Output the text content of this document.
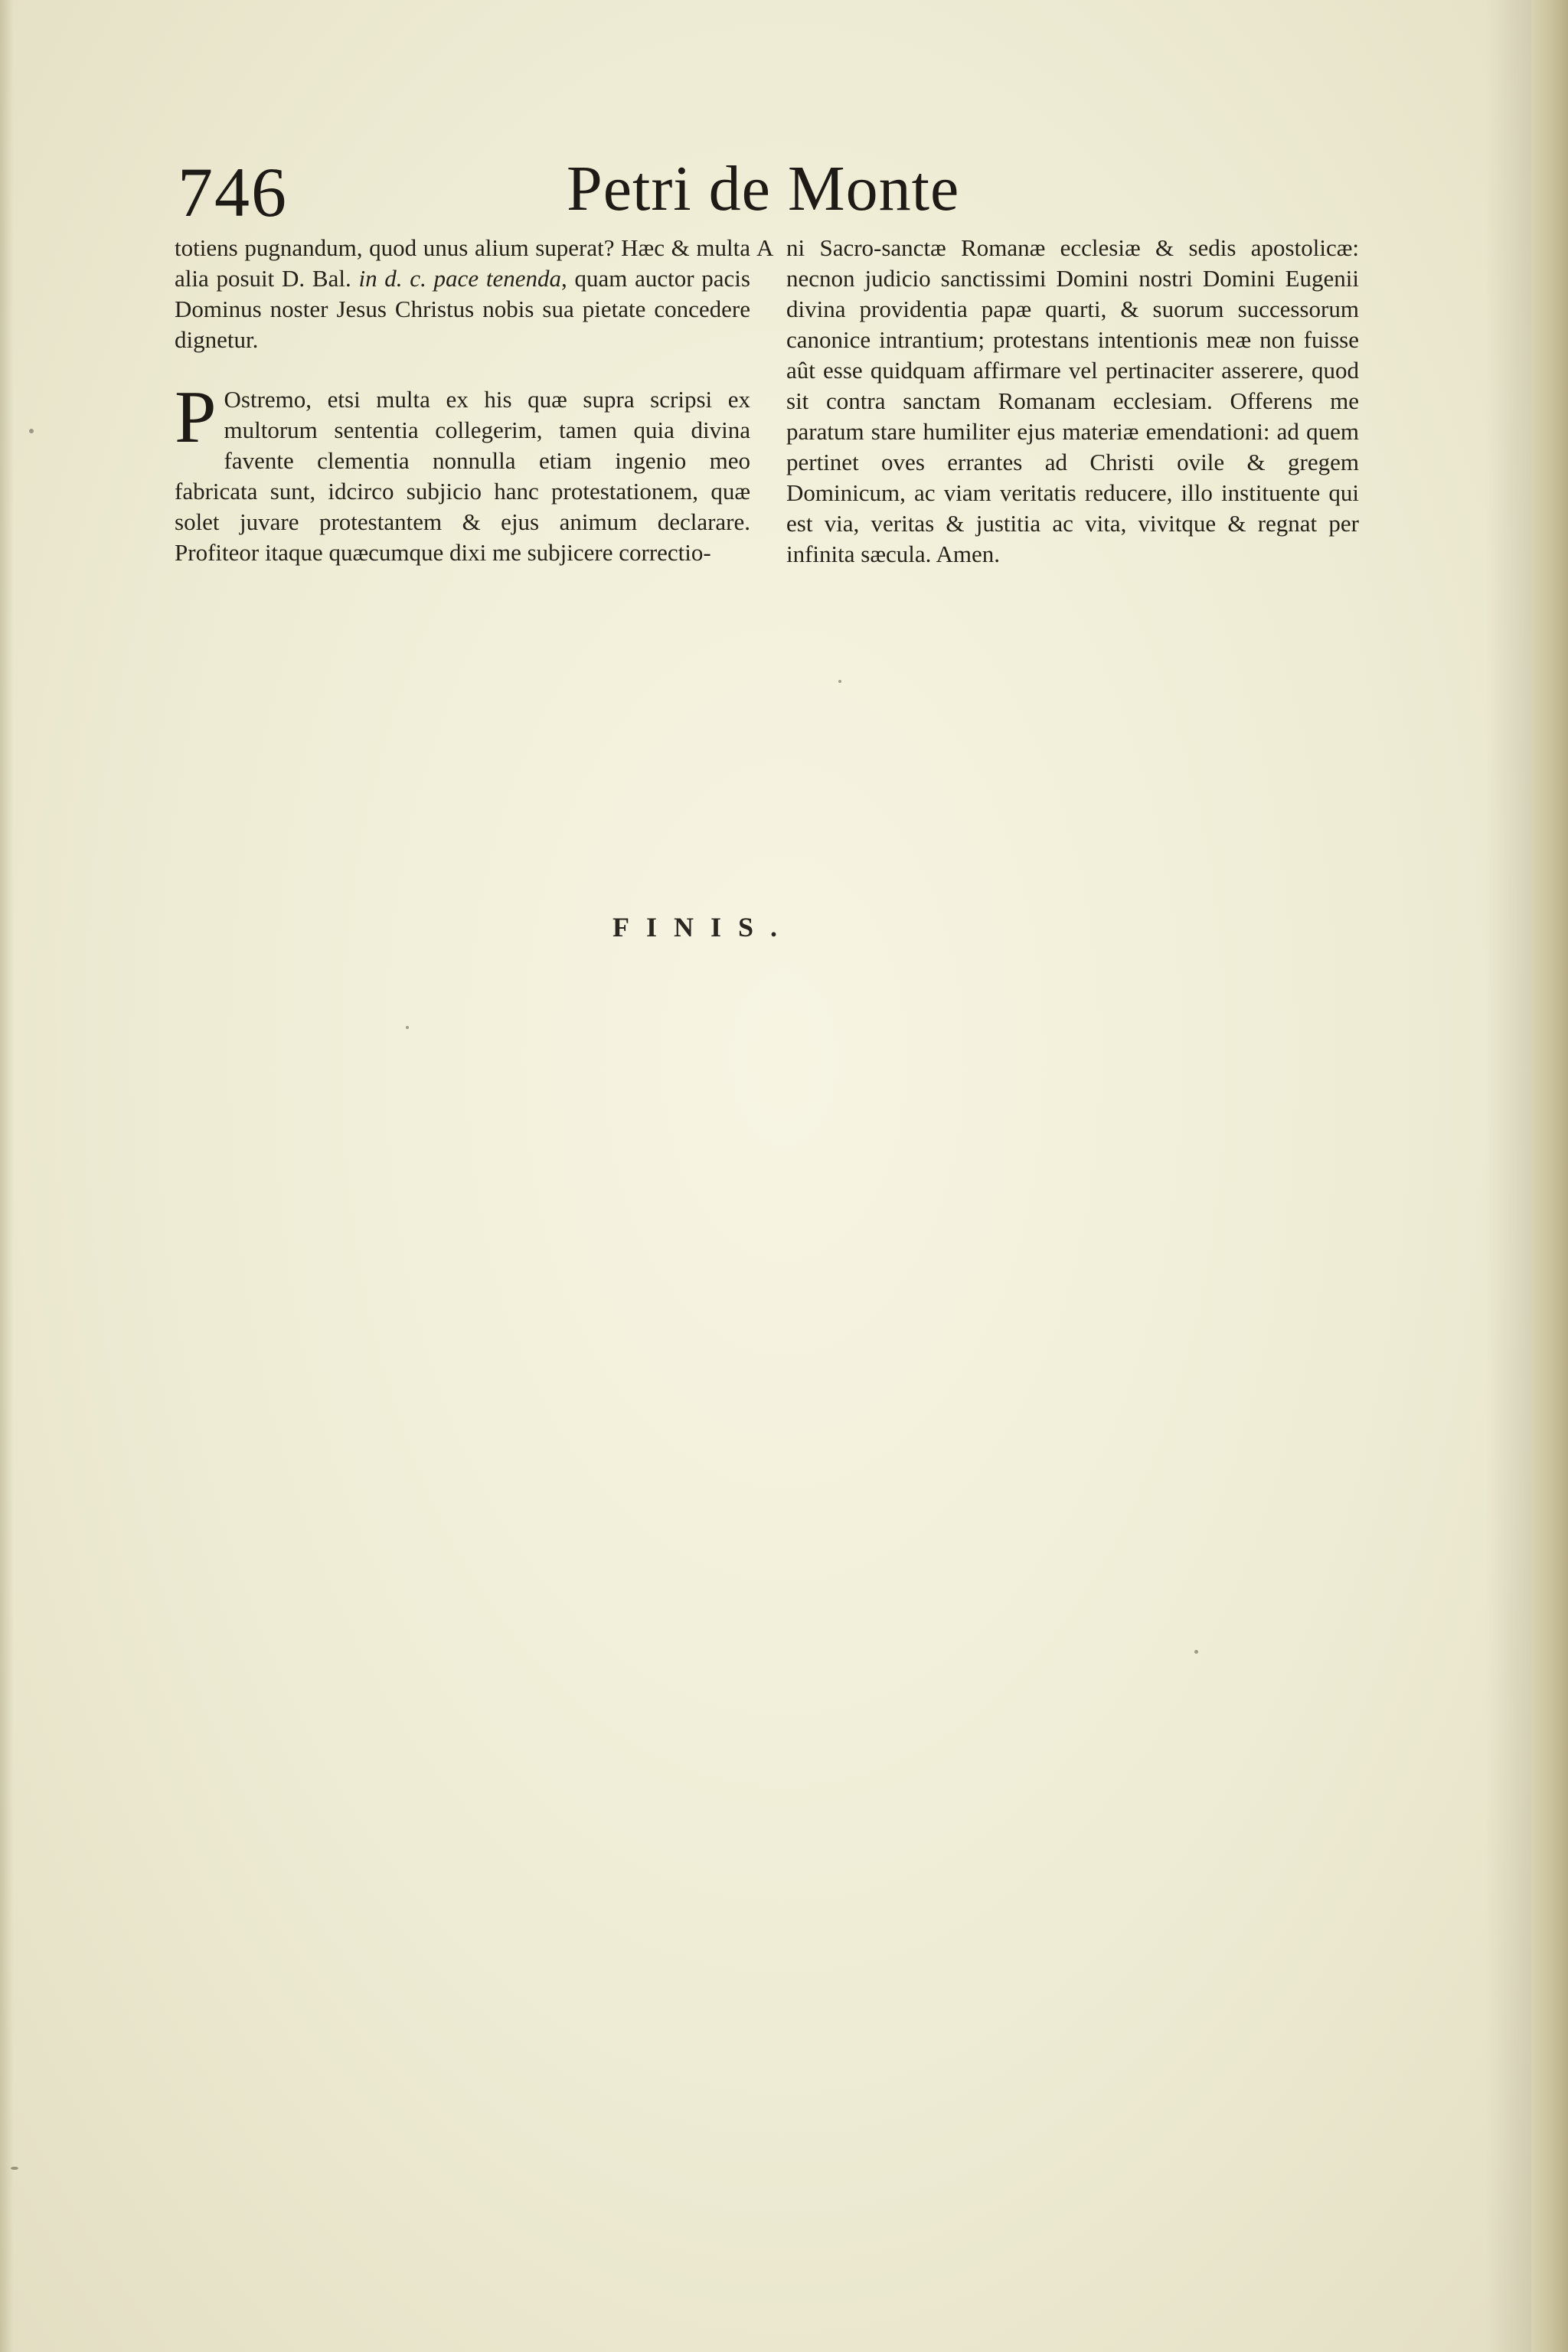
746	Petri de Monte

totiens pugnandum, quod unus alium superat? Hæc & multa alia posuit D. Bal. in d. c. pace tenenda, quam auctor pacis Dominus noster Jesus Christus nobis sua pietate concedere dignetur.

P Ostremo, etsi multa ex his quæ supra scripsi ex multorum sententia collegerim, tamen quia divina favente clementia nonnulla etiam ingenio meo fabricata sunt, idcirco subjicio hanc protestationem, quæ solet juvare protestantem & ejus animum declarare. Profiteor itaque quæcumque dixi me subjicere correctio-

A ni Sacro-sanctæ Romanæ ecclesiæ & sedis apostolicæ: necnon judicio sanctissimi Domini nostri Domini Eugenii divina providentia papæ quarti, & suorum successorum canonice intrantium; protestans intentionis meæ non fuisse aût esse quidquam affirmare vel pertinaciter asserere, quod sit contra sanctam Romanam ecclesiam. Offerens me paratum stare humiliter ejus materiæ emendationi: ad quem pertinet oves errantes ad Christi ovile & gregem Dominicum, ac viam veritatis reducere, illo instituente qui est via, veritas & justitia ac vita, vivitque & regnat per infinita sæcula. Amen.

FINIS.
